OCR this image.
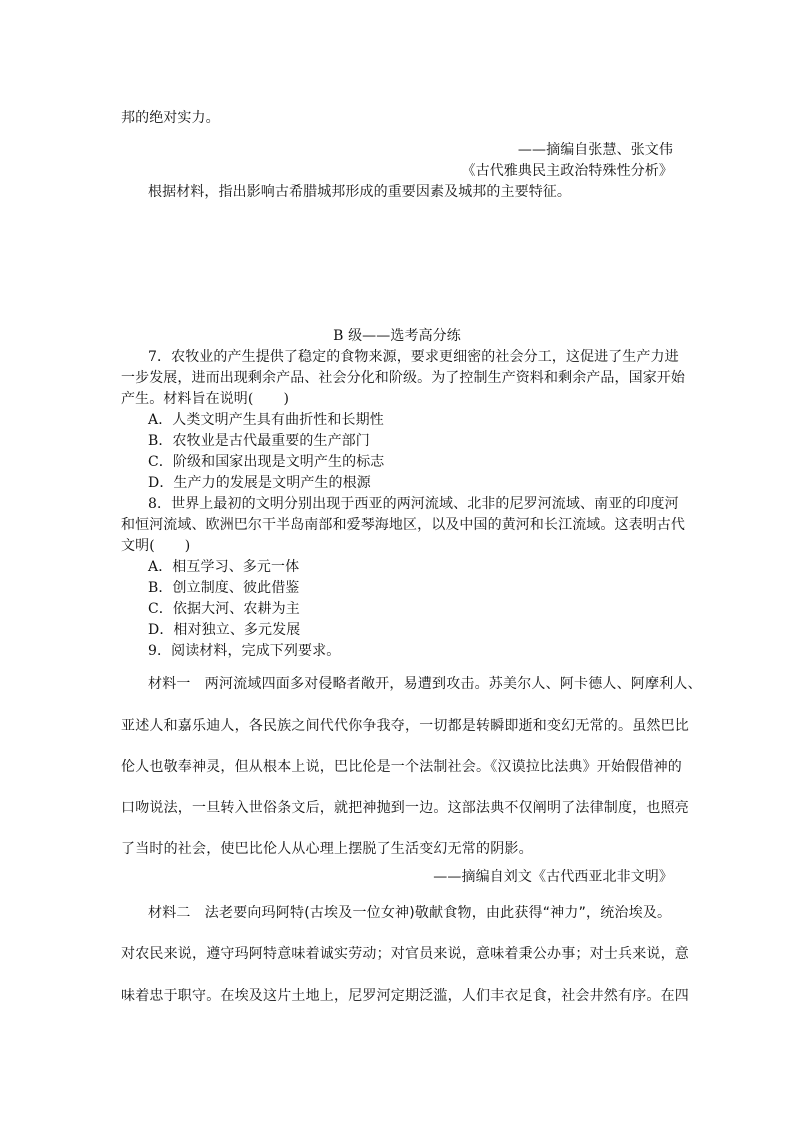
邦的绝对实力。
——摘编自张慧、张文伟
《古代雅典民主政治特殊性分析》
根据材料，指出影响古希腊城邦形成的重要因素及城邦的主要特征。
B 级——选考高分练
7．农牧业的产生提供了稳定的食物来源，要求更细密的社会分工，这促进了生产力进
一步发展，进而出现剩余产品、社会分化和阶级。为了控制生产资料和剩余产品，国家开始
产生。材料旨在说明( )
A．人类文明产生具有曲折性和长期性
B．农牧业是古代最重要的生产部门
C．阶级和国家出现是文明产生的标志
D．生产力的发展是文明产生的根源
8．世界上最初的文明分别出现于西亚的两河流域、北非的尼罗河流域、南亚的印度河
和恒河流域、欧洲巴尔干半岛南部和爱琴海地区，以及中国的黄河和长江流域。这表明古代
文明( )
A．相互学习、多元一体
B．创立制度、彼此借鉴
C．依据大河、农耕为主
D．相对独立、多元发展
9．阅读材料，完成下列要求。
材料一　两河流域四面多对侵略者敞开，易遭到攻击。苏美尔人、阿卡德人、阿摩利人、
亚述人和嘉乐迪人，各民族之间代代你争我夺，一切都是转瞬即逝和变幻无常的。虽然巴比
伦人也敬奉神灵，但从根本上说，巴比伦是一个法制社会。《汉谟拉比法典》开始假借神的
口吻说法，一旦转入世俗条文后，就把神抛到一边。这部法典不仅阐明了法律制度，也照亮
了当时的社会，使巴比伦人从心理上摆脱了生活变幻无常的阴影。
——摘编自刘文《古代西亚北非文明》
材料二　法老要向玛阿特(古埃及一位女神)敬献食物，由此获得“神力”，统治埃及。
对农民来说，遵守玛阿特意味着诚实劳动；对官员来说，意味着秉公办事；对士兵来说，意
味着忠于职守。在埃及这片土地上，尼罗河定期泛滥，人们丰衣足食，社会井然有序。在四
